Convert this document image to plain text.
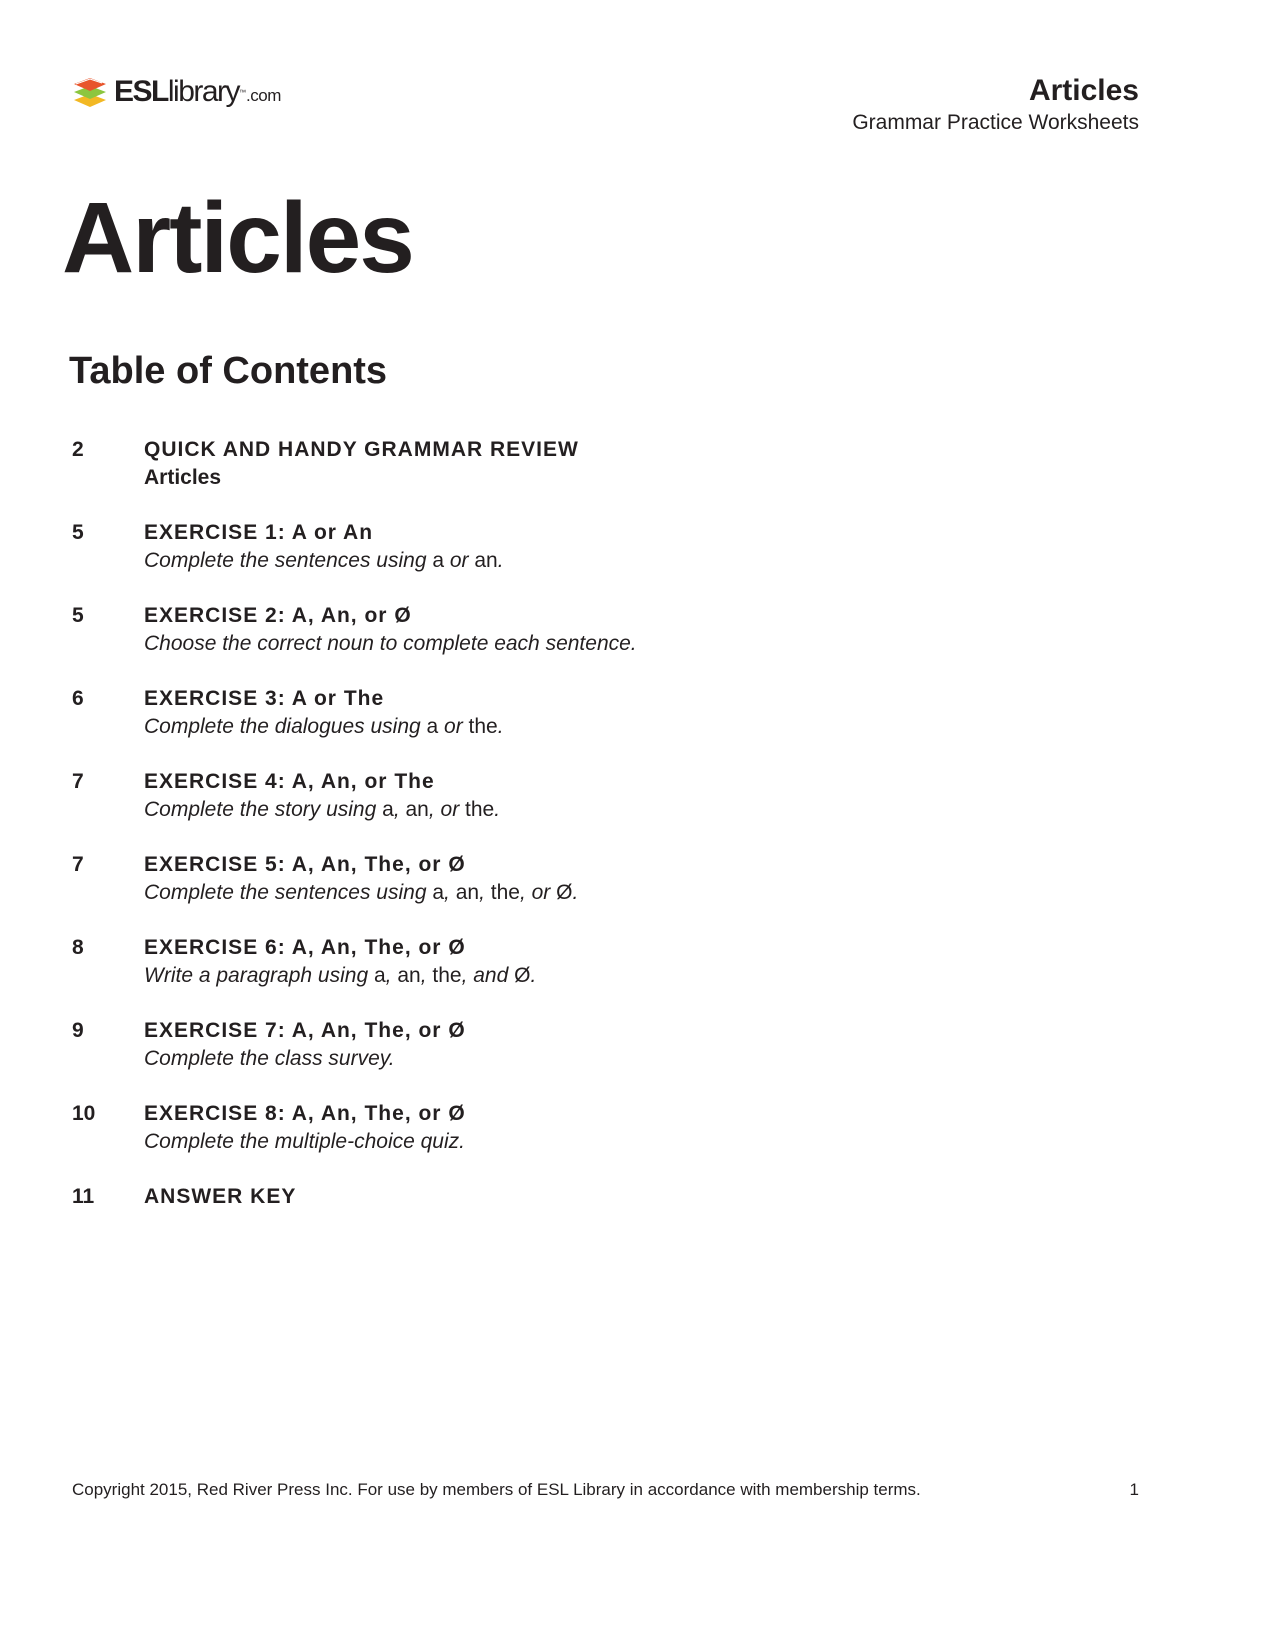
ESLlibrary™.com	Articles
Grammar Practice Worksheets
Articles
Table of Contents
2	QUICK AND HANDY GRAMMAR REVIEW
Articles
5	EXERCISE 1: A or An
Complete the sentences using a or an.
5	EXERCISE 2: A, An, or Ø
Choose the correct noun to complete each sentence.
6	EXERCISE 3: A or The
Complete the dialogues using a or the.
7	EXERCISE 4: A, An, or The
Complete the story using a, an, or the.
7	EXERCISE 5: A, An, The, or Ø
Complete the sentences using a, an, the, or Ø.
8	EXERCISE 6: A, An, The, or Ø
Write a paragraph using a, an, the, and Ø.
9	EXERCISE 7: A, An, The, or Ø
Complete the class survey.
10 EXERCISE 8: A, An, The, or Ø
Complete the multiple-choice quiz.
11 ANSWER KEY
Copyright 2015, Red River Press Inc. For use by members of ESL Library in accordance with membership terms.	1
